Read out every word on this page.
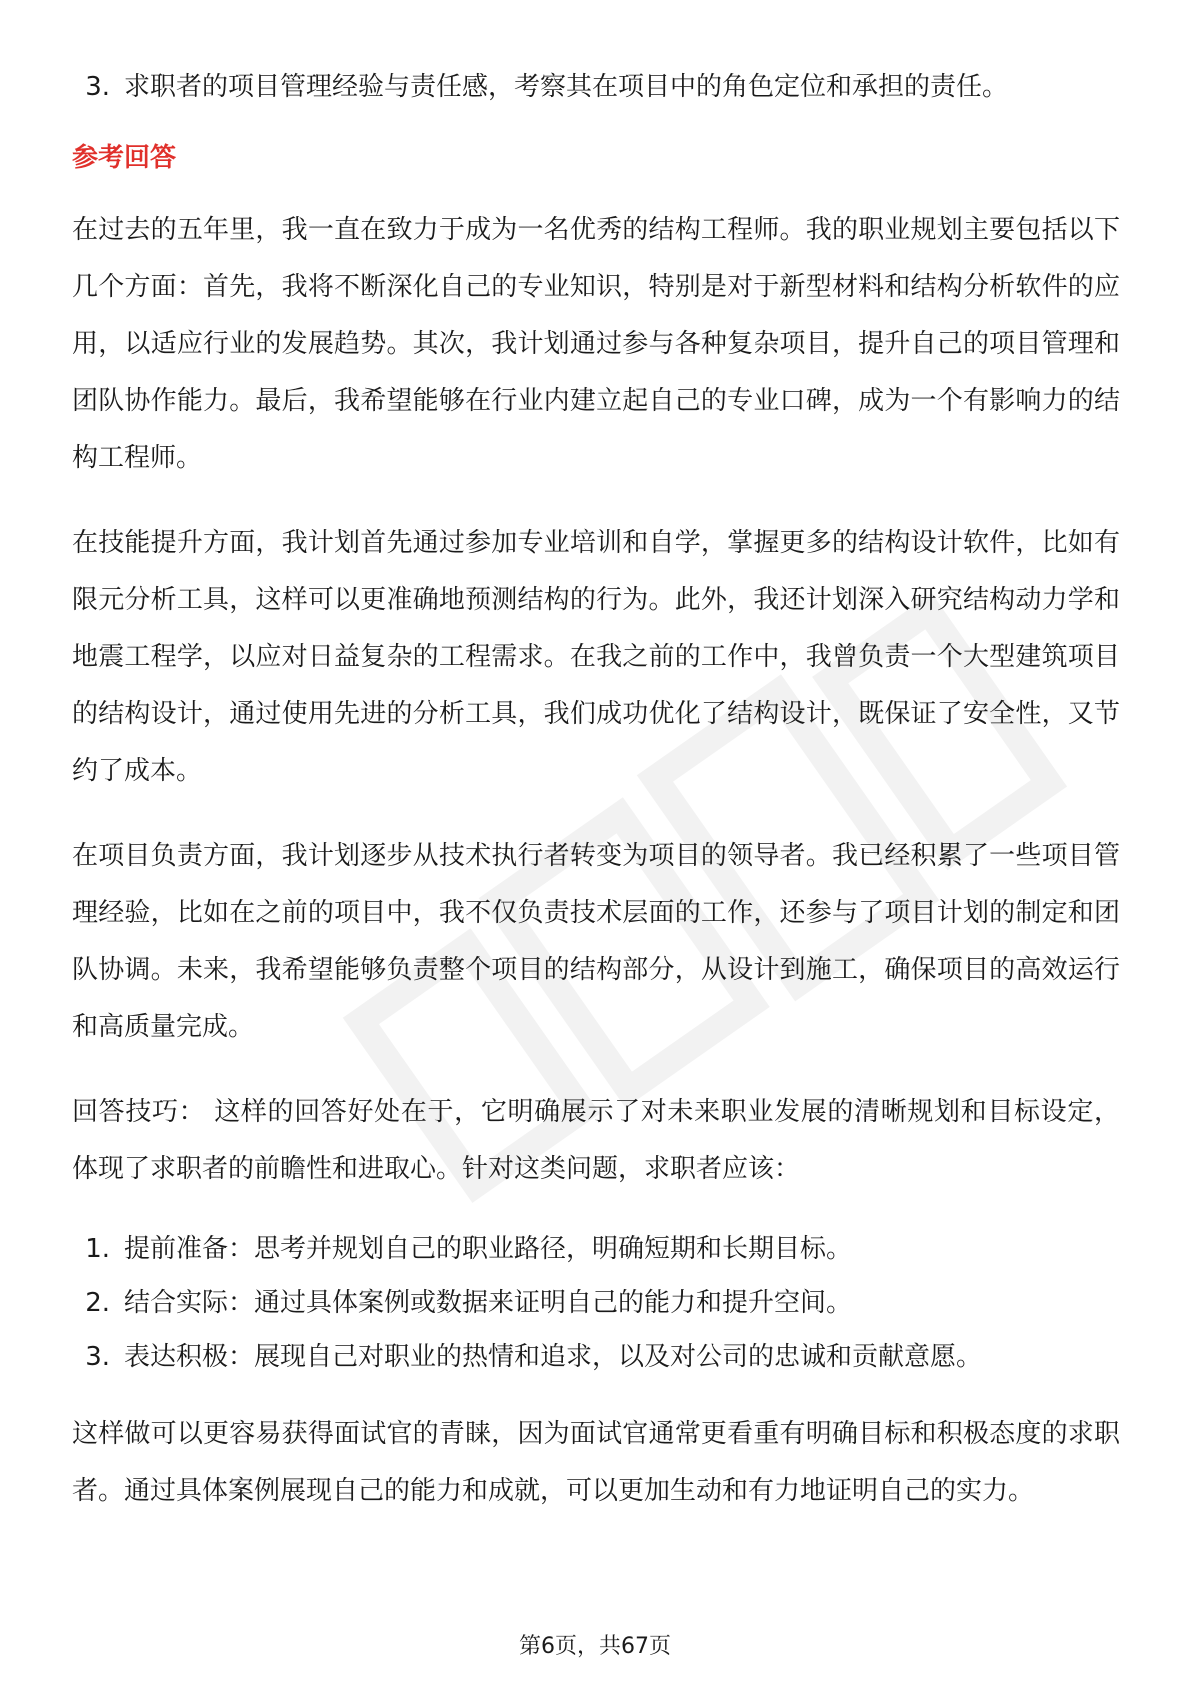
3. 求职者的项目管理经验与责任感，考察其在项目中的角色定位和承担的责任。

参考回答

在过去的五年里，我一直在致力于成为一名优秀的结构工程师。我的职业规划主要包括以下几个方面：首先，我将不断深化自己的专业知识，特别是对于新型材料和结构分析软件的应用，以适应行业的发展趋势。其次，我计划通过参与各种复杂项目，提升自己的项目管理和团队协作能力。最后，我希望能够在行业内建立起自己的专业口碑，成为一个有影响力的结构工程师。

在技能提升方面，我计划首先通过参加专业培训和自学，掌握更多的结构设计软件，比如有限元分析工具，这样可以更准确地预测结构的行为。此外，我还计划深入研究结构动力学和地震工程学，以应对日益复杂的工程需求。在我之前的工作中，我曾负责一个大型建筑项目的结构设计，通过使用先进的分析工具，我们成功优化了结构设计，既保证了安全性，又节约了成本。

在项目负责方面，我计划逐步从技术执行者转变为项目的领导者。我已经积累了一些项目管理经验，比如在之前的项目中，我不仅负责技术层面的工作，还参与了项目计划的制定和团队协调。未来，我希望能够负责整个项目的结构部分，从设计到施工，确保项目的高效运行和高质量完成。

回答技巧： 这样的回答好处在于，它明确展示了对未来职业发展的清晰规划和目标设定，体现了求职者的前瞻性和进取心。针对这类问题，求职者应该：

1. 提前准备：思考并规划自己的职业路径，明确短期和长期目标。
2. 结合实际：通过具体案例或数据来证明自己的能力和提升空间。
3. 表达积极：展现自己对职业的热情和追求，以及对公司的忠诚和贡献意愿。

这样做可以更容易获得面试官的青睐，因为面试官通常更看重有明确目标和积极态度的求职者。通过具体案例展现自己的能力和成就，可以更加生动和有力地证明自己的实力。

第6页，共67页
